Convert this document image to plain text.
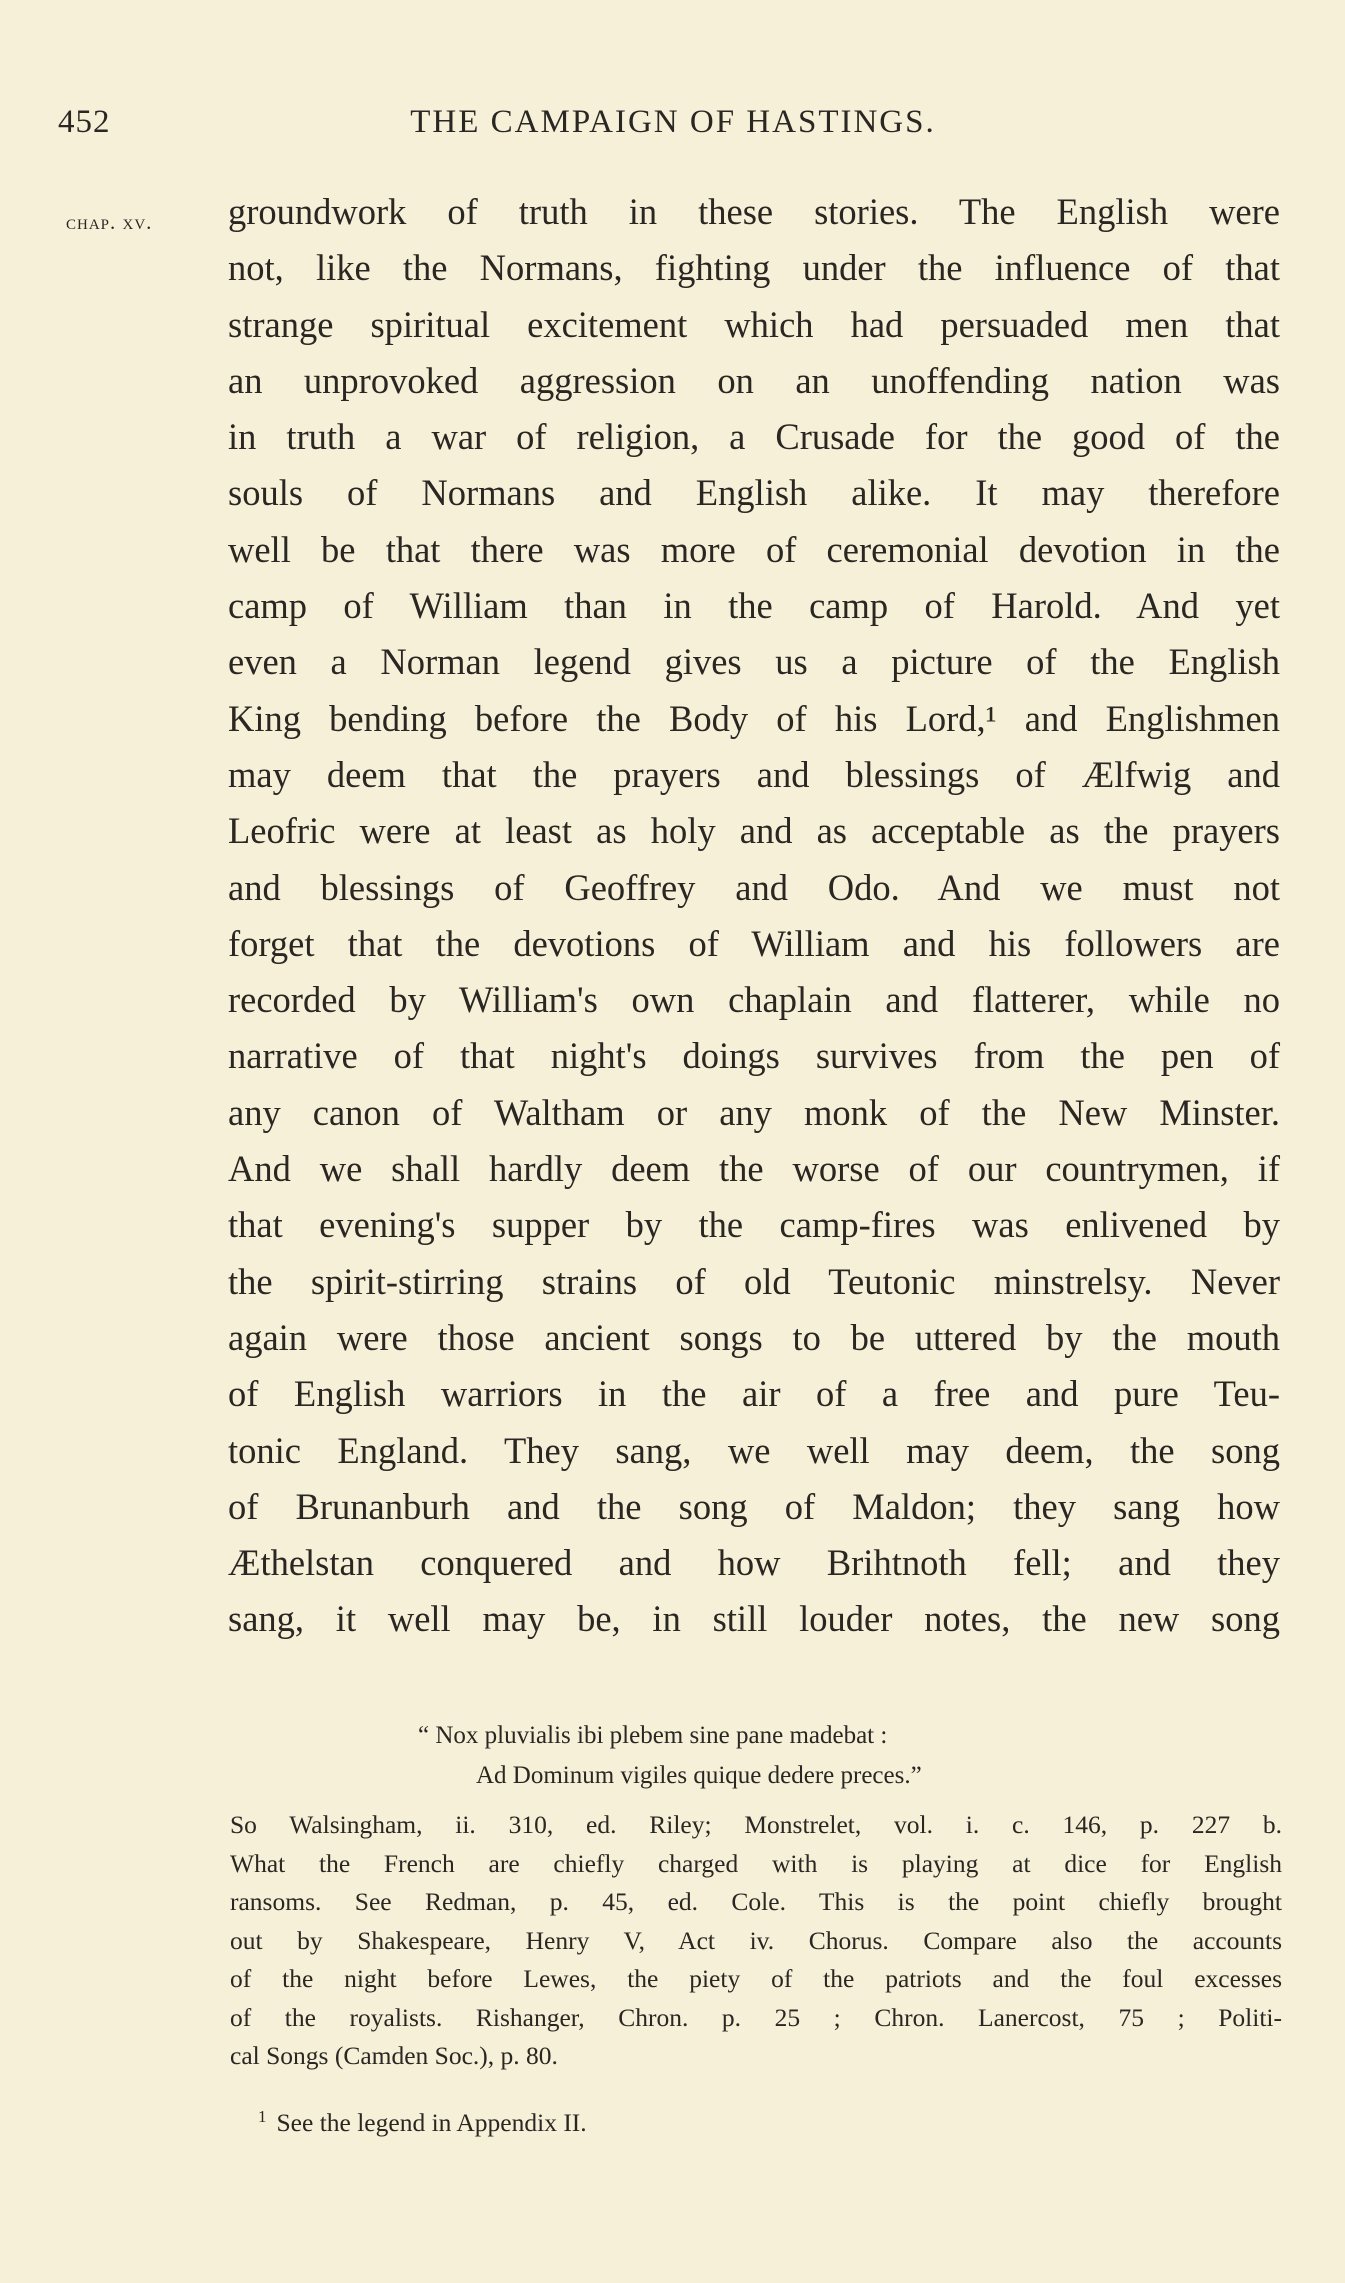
452	THE CAMPAIGN OF HASTINGS.
chap. xv. groundwork of truth in these stories. The English were
not, like the Normans, fighting under the influence of that
strange spiritual excitement which had persuaded men that
an unprovoked aggression on an unoffending nation was
in truth a war of religion, a Crusade for the good of the
souls of Normans and English alike. It may therefore
well be that there was more of ceremonial devotion in the
camp of William than in the camp of Harold. And yet
even a Norman legend gives us a picture of the English
King bending before the Body of his Lord,¹ and Englishmen
may deem that the prayers and blessings of Ælfwig and
Leofric were at least as holy and as acceptable as the prayers
and blessings of Geoffrey and Odo. And we must not
forget that the devotions of William and his followers are
recorded by William's own chaplain and flatterer, while no
narrative of that night's doings survives from the pen of
any canon of Waltham or any monk of the New Minster.
And we shall hardly deem the worse of our countrymen, if
that evening's supper by the camp-fires was enlivened by
the spirit-stirring strains of old Teutonic minstrelsy. Never
again were those ancient songs to be uttered by the mouth
of English warriors in the air of a free and pure Teu-
tonic England. They sang, we well may deem, the song
of Brunanburh and the song of Maldon; they sang how
Æthelstan conquered and how Brihtnoth fell; and they
sang, it well may be, in still louder notes, the new song
“ Nox pluvialis ibi plebem sine pane madebat :
Ad Dominum vigiles quique dedere preces.”
So Walsingham, ii. 310, ed. Riley; Monstrelet, vol. i. c. 146, p. 227 b.
What the French are chiefly charged with is playing at dice for English
ransoms. See Redman, p. 45, ed. Cole. This is the point chiefly brought
out by Shakespeare, Henry V, Act iv. Chorus. Compare also the accounts
of the night before Lewes, the piety of the patriots and the foul excesses
of the royalists. Rishanger, Chron. p. 25 ; Chron. Lanercost, 75 ; Politi-
cal Songs (Camden Soc.), p. 80.
$^1$ See the legend in Appendix II.
